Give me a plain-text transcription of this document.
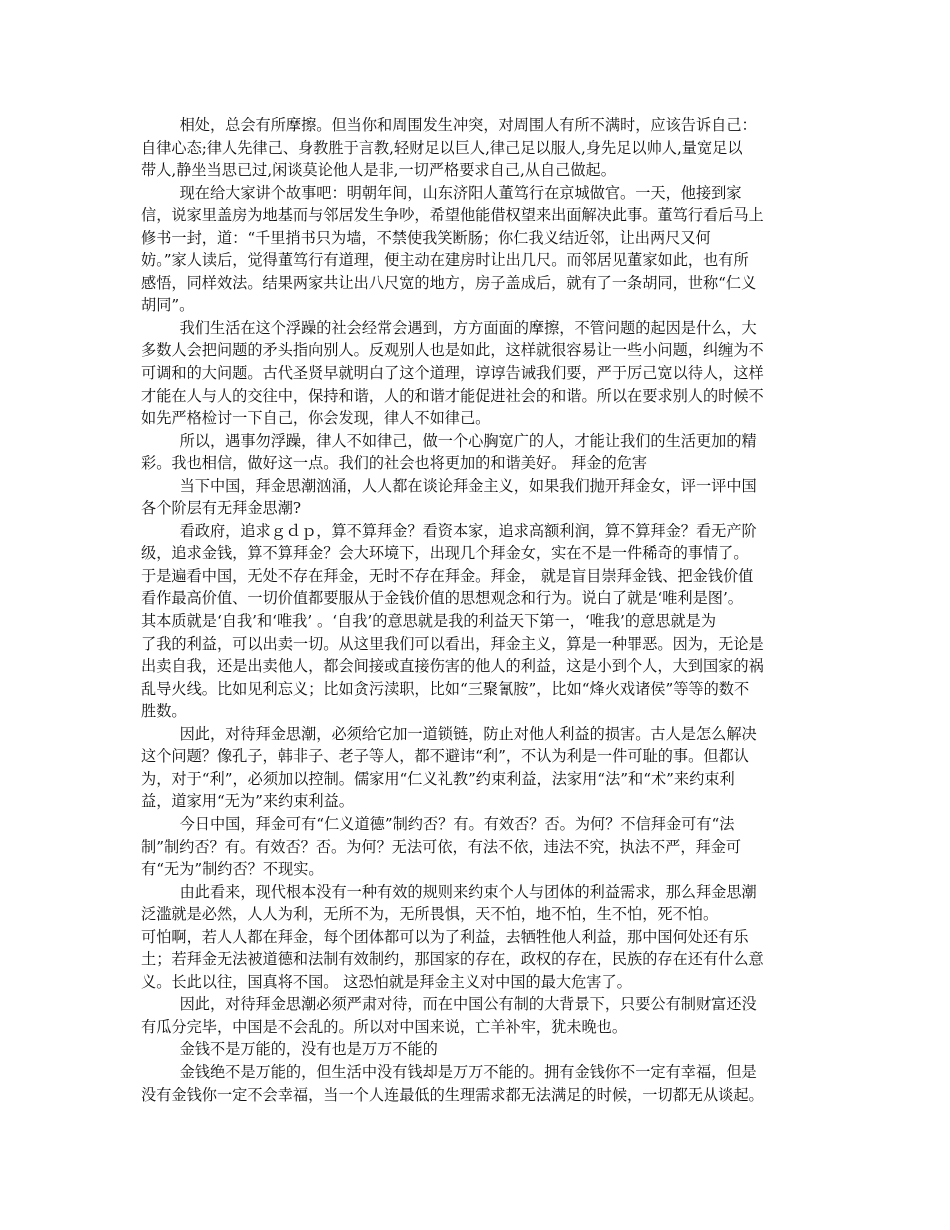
相处，总会有所摩擦。但当你和周围发生冲突，对周围人有所不满时，应该告诉自己：
自律心态;律人先律己、身教胜于言教,轻财足以巨人,律己足以服人,身先足以帅人,量宽足以
带人,静坐当思已过,闲谈莫论他人是非,一切严格要求自己,从自己做起。
现在给大家讲个故事吧：明朝年间，山东济阳人董笃行在京城做官。一天，他接到家
信，说家里盖房为地基而与邻居发生争吵，希望他能借权望来出面解决此事。董笃行看后马上
修书一封，道：“千里捎书只为墙，不禁使我笑断肠；你仁我义结近邻，让出两尺又何
妨。”家人读后，觉得董笃行有道理，便主动在建房时让出几尺。而邻居见董家如此，也有所
感悟，同样效法。结果两家共让出八尺宽的地方，房子盖成后，就有了一条胡同，世称“仁义
胡同”。
我们生活在这个浮躁的社会经常会遇到，方方面面的摩擦，不管问题的起因是什么，大
多数人会把问题的矛头指向别人。反观别人也是如此，这样就很容易让一些小问题，纠缠为不
可调和的大问题。古代圣贤早就明白了这个道理，谆谆告诫我们要，严于厉己宽以待人，这样
才能在人与人的交往中，保持和谐，人的和谐才能促进社会的和谐。所以在要求别人的时候不
如先严格检讨一下自己，你会发现，律人不如律己。
所以，遇事勿浮躁，律人不如律己，做一个心胸宽广的人，才能让我们的生活更加的精
彩。我也相信，做好这一点。我们的社会也将更加的和谐美好。 拜金的危害
当下中国，拜金思潮汹涌，人人都在谈论拜金主义，如果我们抛开拜金女，评一评中国
各个阶层有无拜金思潮?
看政府，追求ｇｄｐ，算不算拜金？看资本家，追求高额利润，算不算拜金？看无产阶
级，追求金钱，算不算拜金？会大环境下，出现几个拜金女，实在不是一件稀奇的事情了。
于是遍看中国，无处不存在拜金，无时不存在拜金。拜金， 就是盲目崇拜金钱、把金钱价值
看作最高价值、一切价值都要服从于金钱价值的思想观念和行为。说白了就是‘唯利是图’。
其本质就是‘自我’和‘唯我’ 。‘自我’的意思就是我的利益天下第一，‘唯我’的意思就是为
了我的利益，可以出卖一切。从这里我们可以看出，拜金主义，算是一种罪恶。因为，无论是
出卖自我，还是出卖他人，都会间接或直接伤害的他人的利益，这是小到个人，大到国家的祸
乱导火线。比如见利忘义；比如贪污渎职，比如“三聚氰胺”，比如“烽火戏诸侯”等等的数不
胜数。
因此，对待拜金思潮，必须给它加一道锁链，防止对他人利益的损害。古人是怎么解决
这个问题？像孔子，韩非子、老子等人，都不避讳“利”，不认为利是一件可耻的事。但都认
为，对于“利”，必须加以控制。儒家用“仁义礼教”约束利益，法家用“法”和“术”来约束利
益，道家用“无为”来约束利益。
今日中国，拜金可有“仁义道德”制约否？有。有效否？否。为何？不信拜金可有“法
制”制约否？有。有效否？否。为何？无法可依，有法不依，违法不究，执法不严，拜金可
有“无为”制约否？不现实。
由此看来，现代根本没有一种有效的规则来约束个人与团体的利益需求，那么拜金思潮
泛滥就是必然，人人为利，无所不为，无所畏惧，天不怕，地不怕，生不怕，死不怕。
可怕啊，若人人都在拜金，每个团体都可以为了利益，去牺牲他人利益，那中国何处还有乐
土；若拜金无法被道德和法制有效制约，那国家的存在，政权的存在，民族的存在还有什么意
义。长此以往，国真将不国。 这恐怕就是拜金主义对中国的最大危害了。
因此，对待拜金思潮必须严肃对待，而在中国公有制的大背景下，只要公有制财富还没
有瓜分完毕，中国是不会乱的。所以对中国来说，亡羊补牢，犹未晚也。
金钱不是万能的，没有也是万万不能的
金钱绝不是万能的，但生活中没有钱却是万万不能的。拥有金钱你不一定有幸福，但是
没有金钱你一定不会幸福，当一个人连最低的生理需求都无法满足的时候，一切都无从谈起。
